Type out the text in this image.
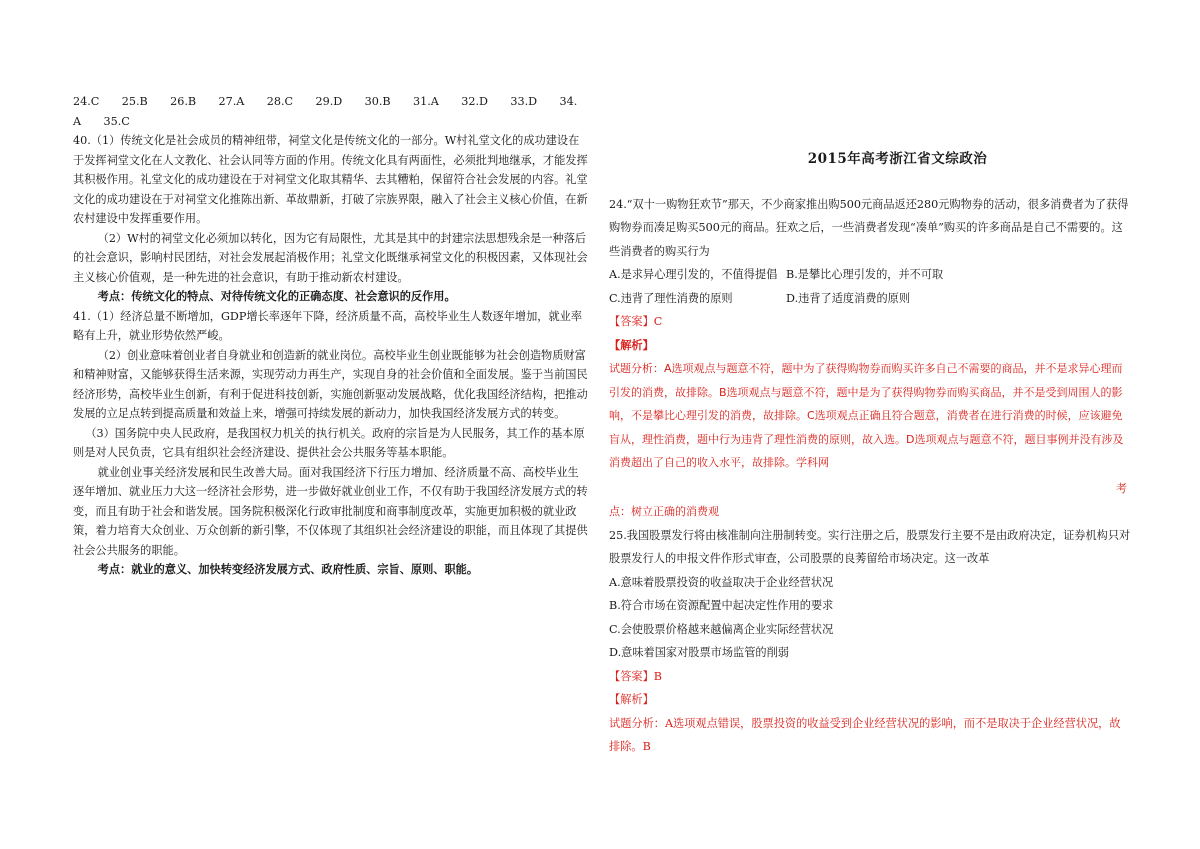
24.C　　25.B　　26.B　　27.A　　28.C　　29.D　　30.B　　31.A　　32.D　　33.D　　34.

A　　35.C

40.（1）传统文化是社会成员的精神纽带，祠堂文化是传统文化的一部分。W村礼堂文化的成功建设在于发挥祠堂文化在人文教化、社会认同等方面的作用。传统文化具有两面性，必须批判地继承，才能发挥其积极作用。礼堂文化的成功建设在于对祠堂文化取其精华、去其糟粕，保留符合社会发展的内容。礼堂文化的成功建设在于对祠堂文化推陈出新、革故鼎新，打破了宗族界限，融入了社会主义核心价值，在新农村建设中发挥重要作用。

（2）W村的祠堂文化必须加以转化，因为它有局限性，尤其是其中的封建宗法思想残余是一种落后的社会意识，影响村民团结，对社会发展起消极作用；礼堂文化既继承祠堂文化的积极因素，又体现社会主义核心价值观，是一种先进的社会意识，有助于推动新农村建设。

考点：传统文化的特点、对待传统文化的正确态度、社会意识的反作用。

41.（1）经济总量不断增加，GDP增长率逐年下降，经济质量不高，高校毕业生人数逐年增加，就业率略有上升，就业形势依然严峻。

（2）创业意味着创业者自身就业和创造新的就业岗位。高校毕业生创业既能够为社会创造物质财富和精神财富，又能够获得生活来源，实现劳动力再生产，实现自身的社会价值和全面发展。鉴于当前国民经济形势，高校毕业生创新，有利于促进科技创新，实施创新驱动发展战略，优化我国经济结构，把推动发展的立足点转到提高质量和效益上来，增强可持续发展的新动力，加快我国经济发展方式的转变。

（3）国务院中央人民政府，是我国权力机关的执行机关。政府的宗旨是为人民服务，其工作的基本原则是对人民负责，它具有组织社会经济建设、提供社会公共服务等基本职能。

就业创业事关经济发展和民生改善大局。面对我国经济下行压力增加、经济质量不高、高校毕业生逐年增加、就业压力大这一经济社会形势，进一步做好就业创业工作，不仅有助于我国经济发展方式的转变，而且有助于社会和谐发展。国务院积极深化行政审批制度和商事制度改革，实施更加积极的就业政策，着力培育大众创业、万众创新的新引擎，不仅体现了其组织社会经济建设的职能，而且体现了其提供社会公共服务的职能。

考点：就业的意义、加快转变经济发展方式、政府性质、宗旨、原则、职能。

2015年高考浙江省文综政治

24.“双十一购物狂欢节”那天，不少商家推出购500元商品返还280元购物券的活动，很多消费者为了获得购物券而凑足购买500元的商品。狂欢之后，一些消费者发现“凑单”购买的许多商品是自己不需要的。这些消费者的购买行为

A.是求异心理引发的，不值得提倡 B.是攀比心理引发的，并不可取
C.违背了理性消费的原则	D.违背了适度消费的原则

【答案】C

【解析】

试题分析：A选项观点与题意不符，题中为了获得购物券而购买许多自己不需要的商品，并不是求异心理而引发的消费，故排除。B选项观点与题意不符，题中是为了获得购物券而购买商品，并不是受到周围人的影响，不是攀比心理引发的消费，故排除。C选项观点正确且符合题意，消费者在进行消费的时候，应该避免盲从，理性消费，题中行为违背了理性消费的原则，故入选。D选项观点与题意不符，题目事例并没有涉及消费超出了自己的收入水平，故排除。学科网

考

点：树立正确的消费观

25.我国股票发行将由核准制向注册制转变。实行注册之后，股票发行主要不是由政府决定，证券机构只对股票发行人的申报文件作形式审查，公司股票的良莠留给市场决定。这一改革

A.意味着股票投资的收益取决于企业经营状况

B.符合市场在资源配置中起决定性作用的要求

C.会使股票价格越来越偏离企业实际经营状况

D.意味着国家对股票市场监管的削弱

【答案】B

【解析】

试题分析：A选项观点错误，股票投资的收益受到企业经营状况的影响，而不是取决于企业经营状况，故排除。B
